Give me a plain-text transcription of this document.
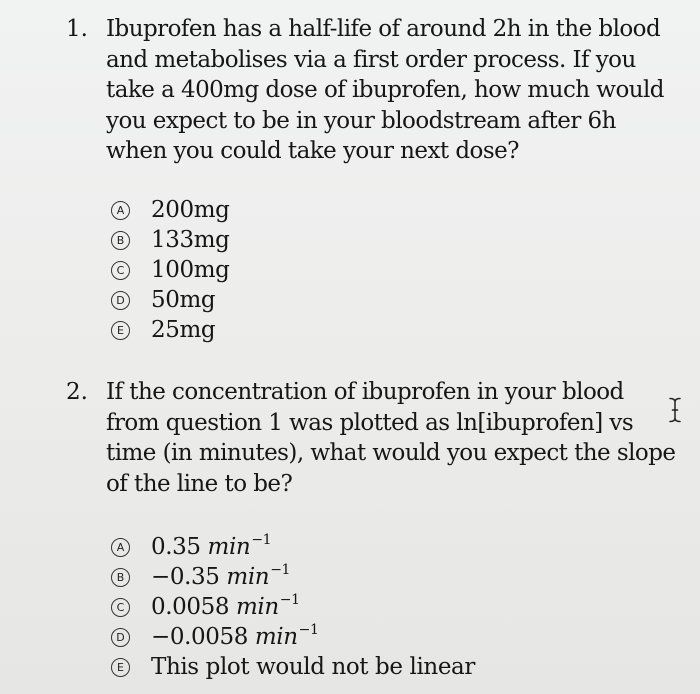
1. Ibuprofen has a half-life of around 2h in the blood
and metabolises via a first order process. If you
take a 400mg dose of ibuprofen, how much would
you expect to be in your bloodstream after 6h
when you could take your next dose?
A 200mg
B 133mg
C 100mg
D 50mg
E 25mg
2. If the concentration of ibuprofen in your blood
from question 1 was plotted as ln[ibuprofen] vs
time (in minutes), what would you expect the slope
of the line to be?
A 0.35 $\min^{-1}$
B −0.35 $\min^{-1}$
C 0.0058 $\min^{-1}$
D −0.0058 $\min^{-1}$
E This plot would not be linear
